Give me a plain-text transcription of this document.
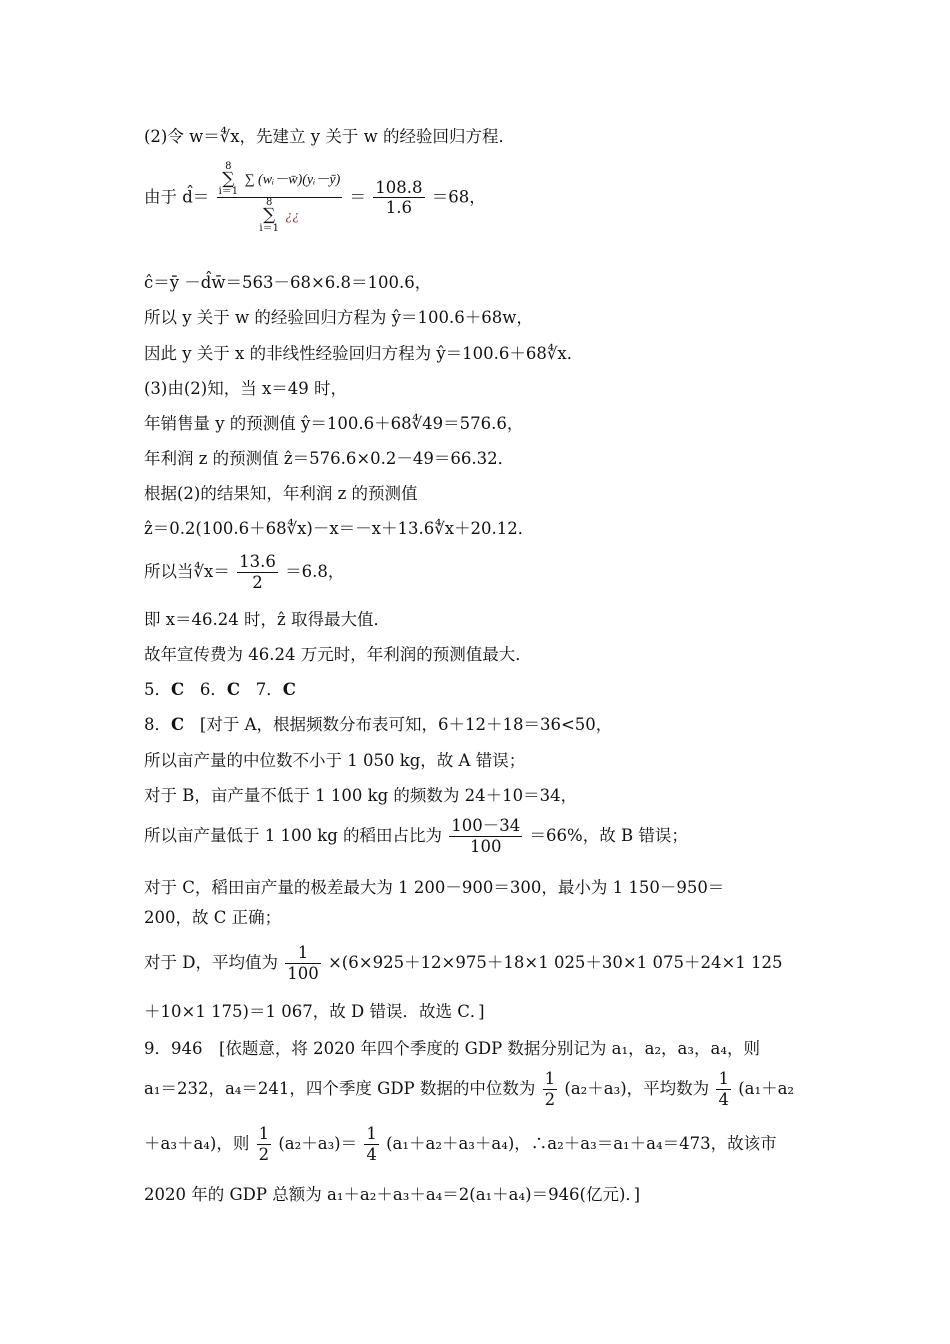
(2)令 w＝∜x，先建立 y 关于 w 的经验回归方程．
由于 d̂＝ 8
∑
i＝1 ∑ (wᵢ－w̄)(yᵢ－ȳ)
8
∑
i＝1 ¿¿ ＝ $\frac{108.8}{1.6} =68$，
ĉ＝ȳ －d̂w̄＝563－68×6.8＝100.6，
所以 y 关于 w 的经验回归方程为 ŷ＝100.6＋68w，
因此 y 关于 x 的非线性经验回归方程为 ŷ＝100.6＋68∜x．
(3)由(2)知，当 x＝49 时，
年销售量 y 的预测值 ŷ＝100.6＋68∜49＝576.6，
年利润 z 的预测值 ẑ＝576.6×0.2－49＝66.32．
根据(2)的结果知，年利润 z 的预测值
ẑ＝0.2(100.6＋68∜x)－x＝－x＋13.6∜x＋20.12．
所以当∜x＝ $\frac{13.6}{2} =6.8$，
即 x＝46.24 时，ẑ 取得最大值．
故年宣传费为 46.24 万元时，年利润的预测值最大．
5．C 6．C 7．C
8．C [对于 A，根据频数分布表可知，6＋12＋18＝36<50，
所以亩产量的中位数不小于 1 050 kg，故 A 错误；
对于 B，亩产量不低于 1 100 kg 的频数为 24＋10＝34，
所以亩产量低于 1 100 kg 的稻田占比为 $\frac{100-34}{100} =66\%$，故 B 错误；
对于 C，稻田亩产量的极差最大为 1 200－900＝300，最小为 1 150－950＝
200，故 C 正确；
对于 D，平均值为 $\frac{1}{100} \times(6\times 925+12\times 975+18\times 1$ 025＋30×1 075＋24×1 125
＋10×1 175)＝1 067，故 D 错误．故选 C．]
9．946　[依题意，将 2020 年四个季度的 GDP 数据分别记为 a₁，a₂，a₃，a₄，则
a₁＝232，a₄＝241，四个季度 GDP 数据的中位数为 $\frac{1}{2} (a_2+a_3)$，平均数为 $\frac{1}{4} (a_1+a_2$
＋a₃＋a₄)，则 $\frac{1}{2} (a_2+a_3)= \frac{1}{4} (a_1+a_2+a_3+a_4)$，∴a₂＋a₃＝a₁＋a₄＝473，故该市
2020 年的 GDP 总额为 a₁＋a₂＋a₃＋a₄＝2(a₁＋a₄)＝946(亿元)．]
